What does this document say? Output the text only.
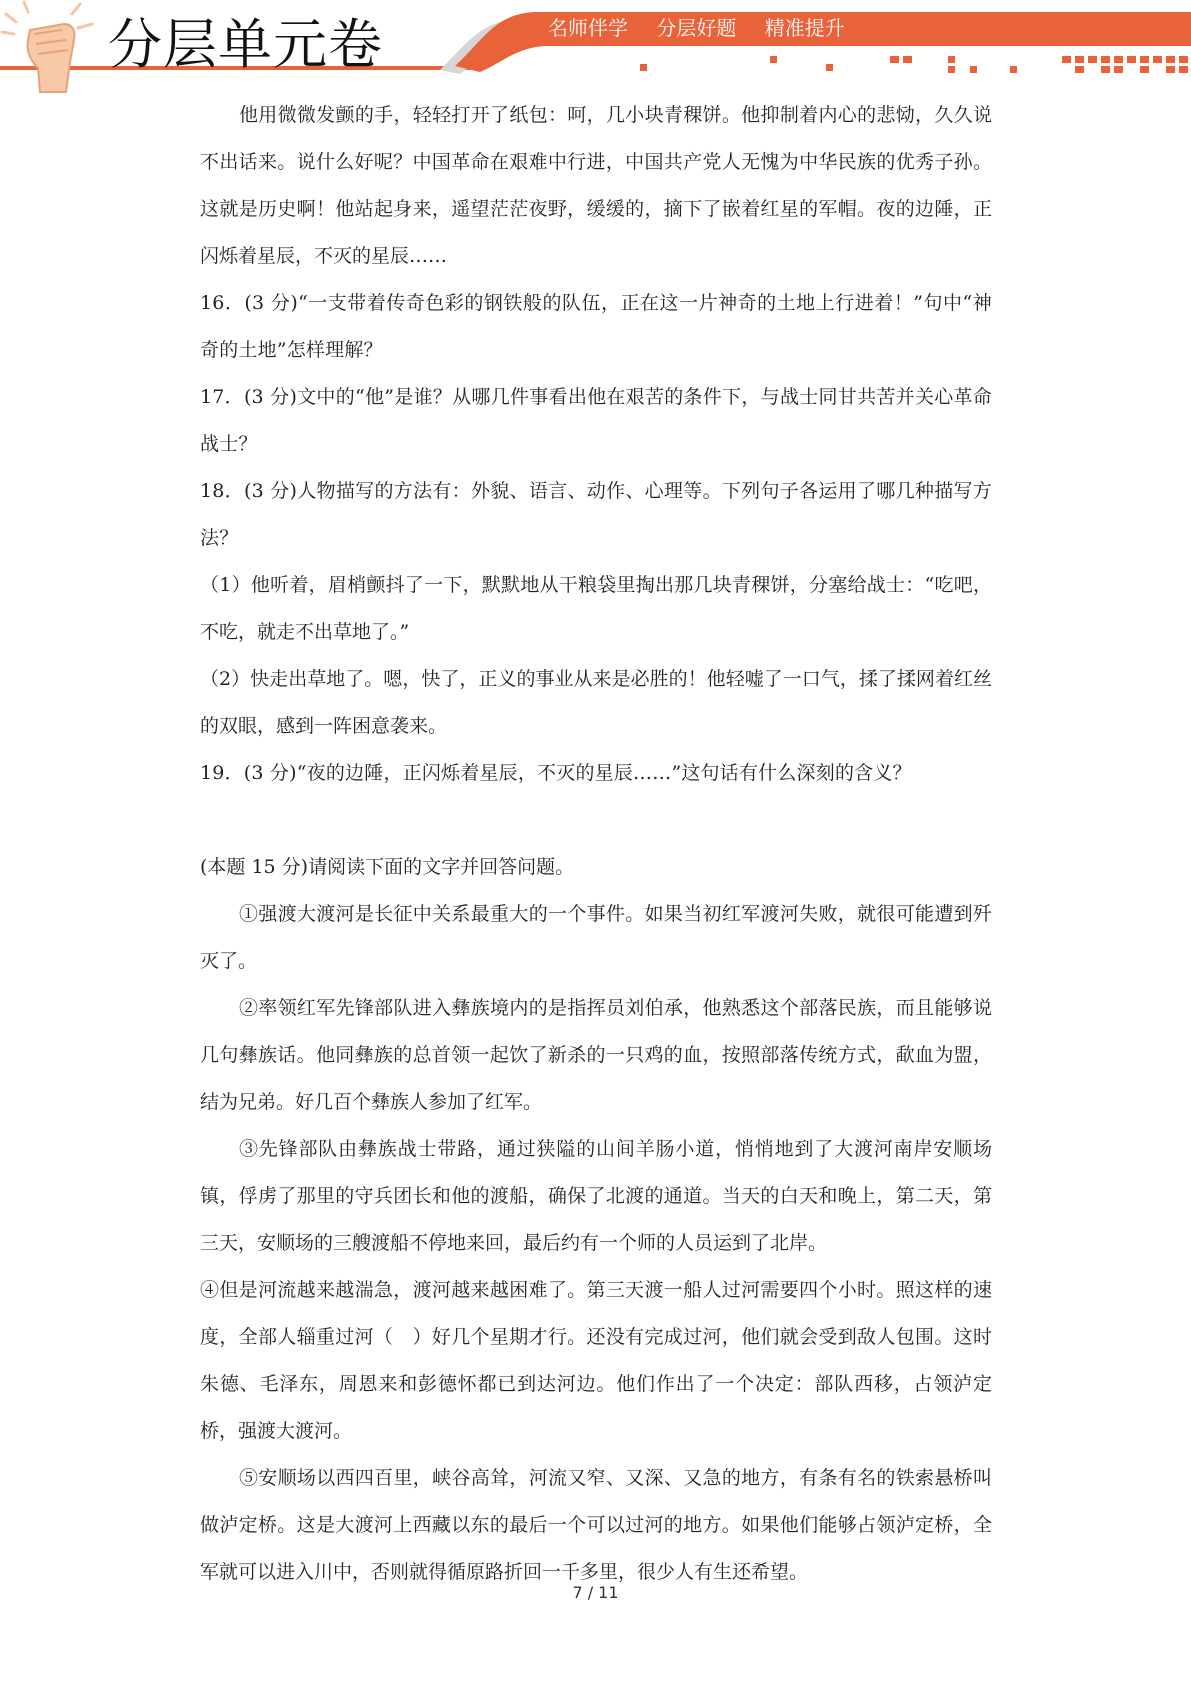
分层单元卷	名师伴学 分层好题 精准提升

他用微微发颤的手，轻轻打开了纸包：呵，几小块青稞饼。他抑制着内心的悲恸，久久说不出话来。说什么好呢？中国革命在艰难中行进，中国共产党人无愧为中华民族的优秀子孙。这就是历史啊！他站起身来，遥望茫茫夜野，缓缓的，摘下了嵌着红星的军帽。夜的边陲，正闪烁着星辰，不灭的星辰……

16．(3 分)“一支带着传奇色彩的钢铁般的队伍，正在这一片神奇的土地上行进着！”句中“神奇的土地”怎样理解？

17．(3 分)文中的“他”是谁？从哪几件事看出他在艰苦的条件下，与战士同甘共苦并关心革命战士？

18．(3 分)人物描写的方法有：外貌、语言、动作、心理等。下列句子各运用了哪几种描写方法？

（1）他听着，眉梢颤抖了一下，默默地从干粮袋里掏出那几块青稞饼，分塞给战士：“吃吧，不吃，就走不出草地了。”

（2）快走出草地了。嗯，快了，正义的事业从来是必胜的！他轻嘘了一口气，揉了揉网着红丝的双眼，感到一阵困意袭来。

19．(3 分)“夜的边陲，正闪烁着星辰，不灭的星辰……”这句话有什么深刻的含义？

(本题 15 分)请阅读下面的文字并回答问题。

①强渡大渡河是长征中关系最重大的一个事件。如果当初红军渡河失败，就很可能遭到歼灭了。

②率领红军先锋部队进入彝族境内的是指挥员刘伯承，他熟悉这个部落民族，而且能够说几句彝族话。他同彝族的总首领一起饮了新杀的一只鸡的血，按照部落传统方式，歃血为盟，结为兄弟。好几百个彝族人参加了红军。

③先锋部队由彝族战士带路，通过狭隘的山间羊肠小道，悄悄地到了大渡河南岸安顺场镇，俘虏了那里的守兵团长和他的渡船，确保了北渡的通道。当天的白天和晚上，第二天，第三天，安顺场的三艘渡船不停地来回，最后约有一个师的人员运到了北岸。

④但是河流越来越湍急，渡河越来越困难了。第三天渡一船人过河需要四个小时。照这样的速度，全部人辎重过河（　）好几个星期才行。还没有完成过河，他们就会受到敌人包围。这时朱德、毛泽东，周恩来和彭德怀都已到达河边。他们作出了一个决定：部队西移，占领泸定桥，强渡大渡河。

⑤安顺场以西四百里，峡谷高耸，河流又窄、又深、又急的地方，有条有名的铁索悬桥叫做泸定桥。这是大渡河上西藏以东的最后一个可以过河的地方。如果他们能够占领泸定桥，全军就可以进入川中，否则就得循原路折回一千多里，很少人有生还希望。

7 / 11
